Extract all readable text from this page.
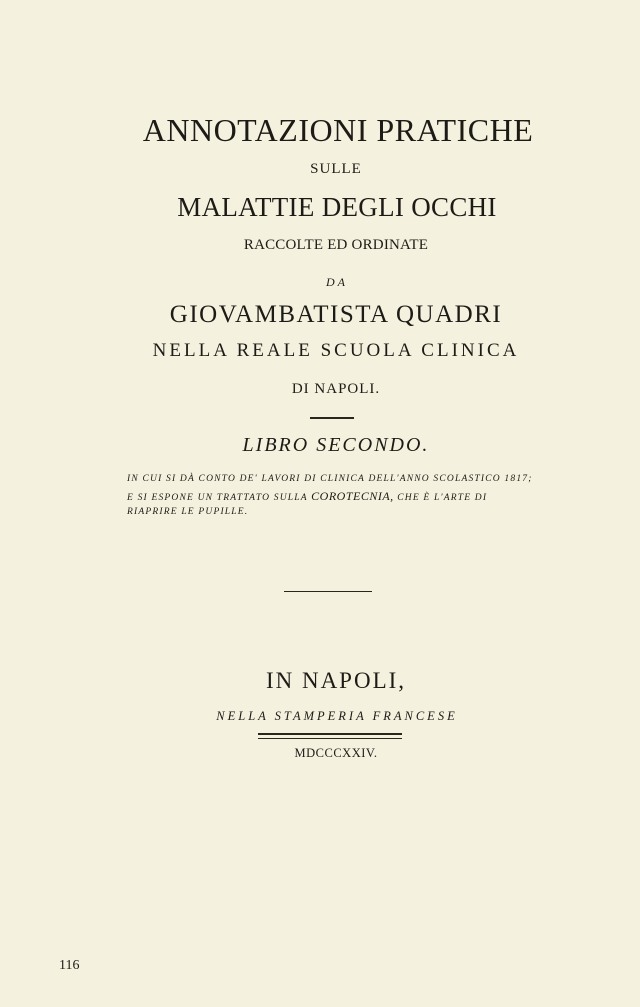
ANNOTAZIONI PRATICHE
SULLE
MALATTIE DEGLI OCCHI
RACCOLTE ED ORDINATE
DA
GIOVAMBATISTA QUADRI
NELLA REALE SCUOLA CLINICA
DI NAPOLI.
LIBRO SECONDO.
IN CUI SI DÀ CONTO DE' LAVORI DI CLINICA DELL'ANNO SCOLASTICO 1817;
E SI ESPONE UN TRATTATO SULLA COROTECNIA, CHE È L'ARTE DI
RIAPRIRE LE PUPILLE.
IN NAPOLI,
NELLA STAMPERIA FRANCESE
MDCCCXXIV.
116
